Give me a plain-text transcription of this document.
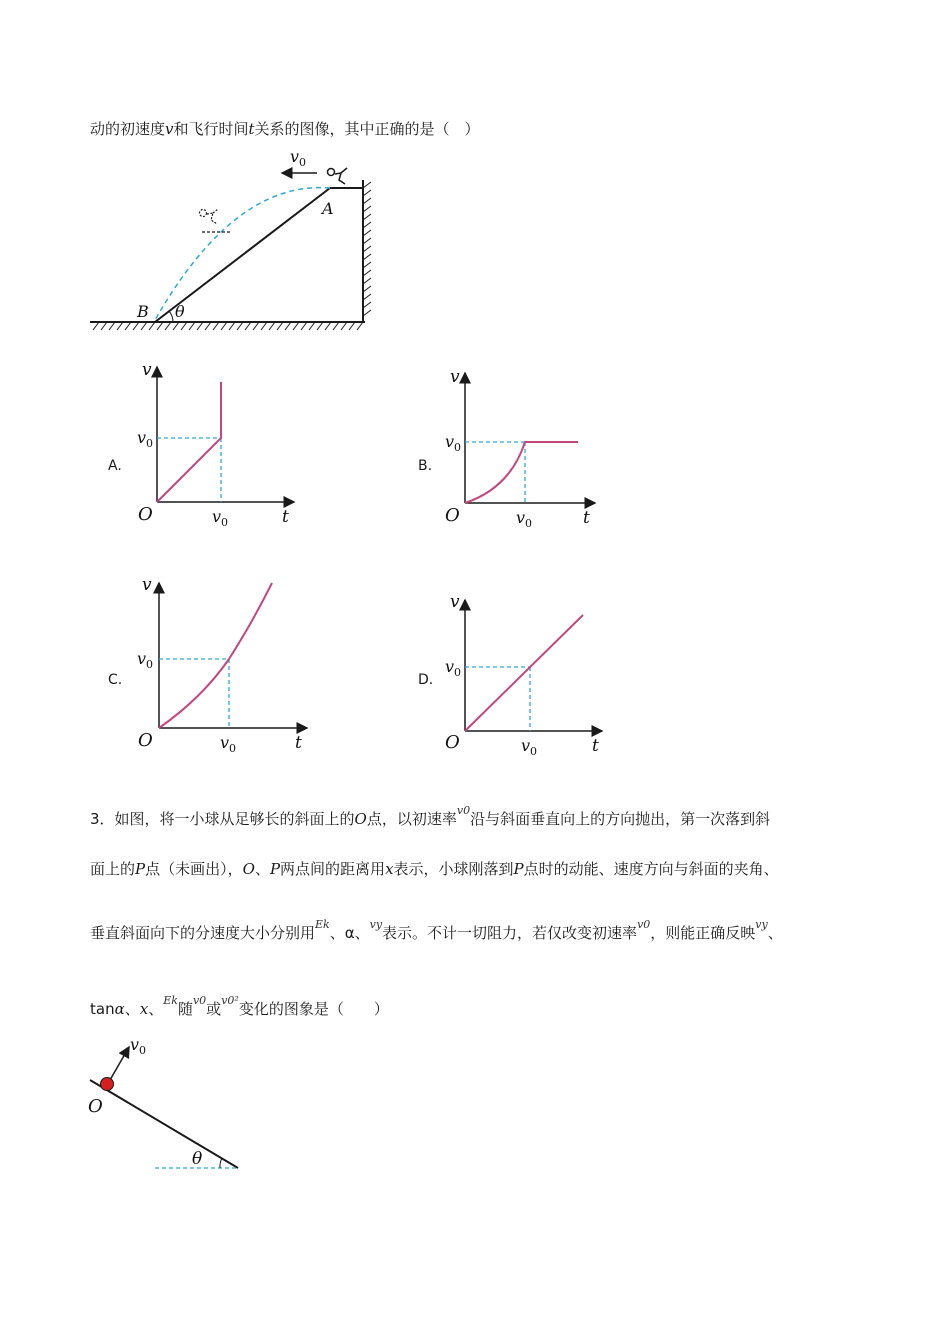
动的初速度v和飞行时间t关系的图像，其中正确的是（　）
$v_0$
A
B θ
A.
v
t
O
$v_0$
$v_0$
B.
v
t
O
$v_0$
$v_0$
C.
v
t
O
$v_0$
$v_0$
D.
v
t
O
$v_0$
$v_0$
3．如图，将一小球从足够长的斜面上的O点，以初速率$^{v0}$沿与斜面垂直向上的方向抛出，第一次落到斜
面上的P点（未画出），O、P两点间的距离用x表示，小球刚落到P点时的动能、速度方向与斜面的夹角、
垂直斜面向下的分速度大小分别用$^{Ek}$、α、$^{vy}$表示。不计一切阻力，若仅改变初速率$^{v0}$，则能正确反映$^{vy}$、
tanα、x、$^{Ek}$随$^{v0}$或$^{v0^2}$变化的图象是（　　）
$v_0$
O
θ
